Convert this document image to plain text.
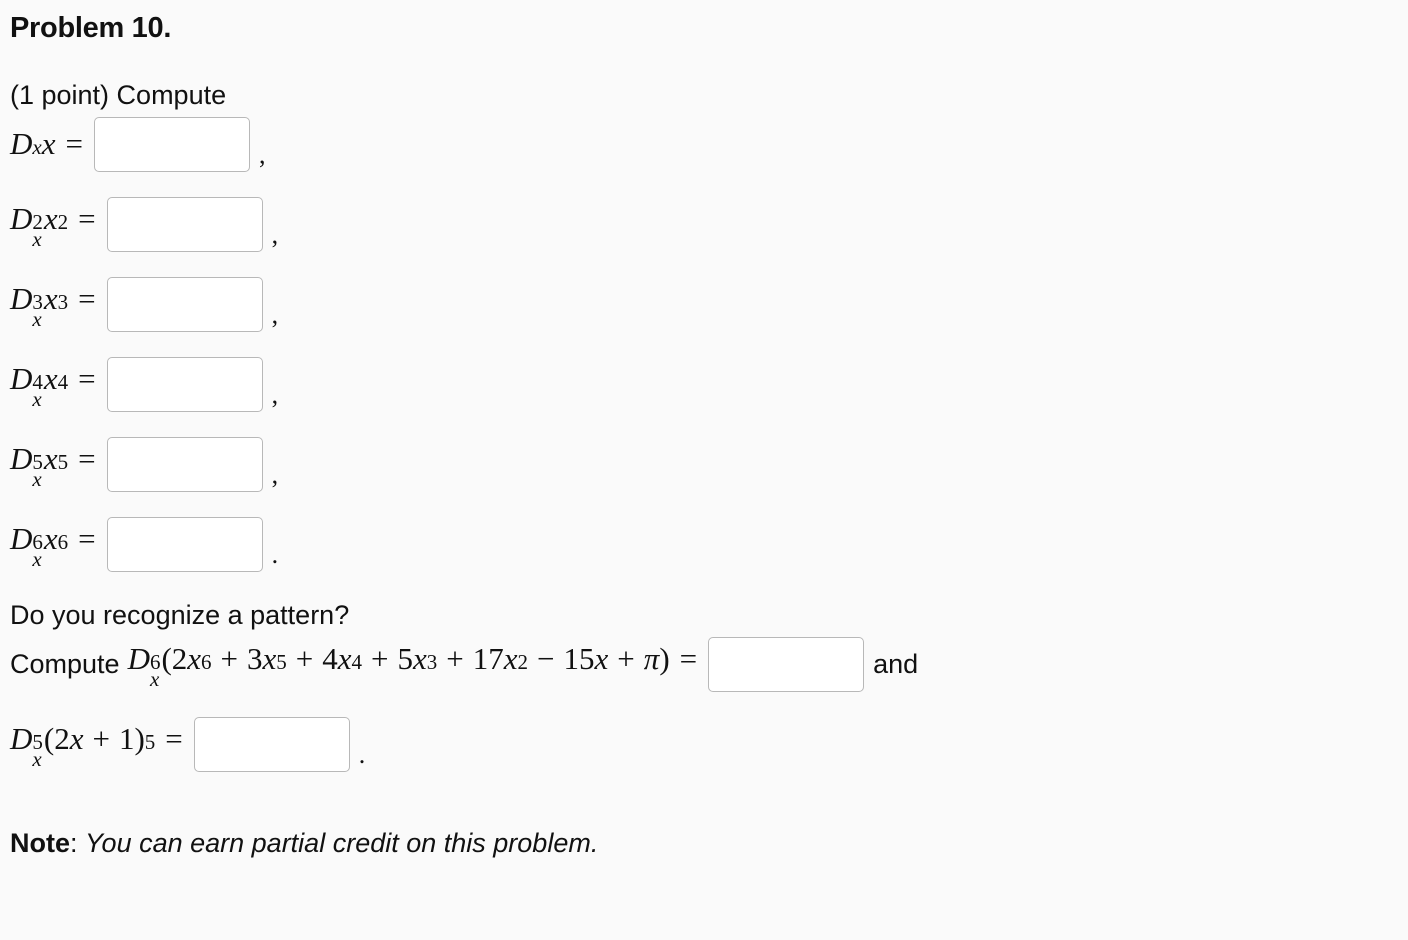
Problem 10.
(1 point) Compute
D x x =	,
D 2
x
x 2 =	,
D 3
x
x 3 =	,
D 4
x
x 4 =	,
D 5
x
x 5 =	,
D 6
x
x 6 =	.
Do you recognize a pattern?
Compute D 6
x
(2 x 6 + 3 x 5 + 4 x 4 + 5 x 3 + 17 x 2 − 15 x + π ) =	and
D 5
x
(2 x + 1) 5 =	.
Note: You can earn partial credit on this problem.
